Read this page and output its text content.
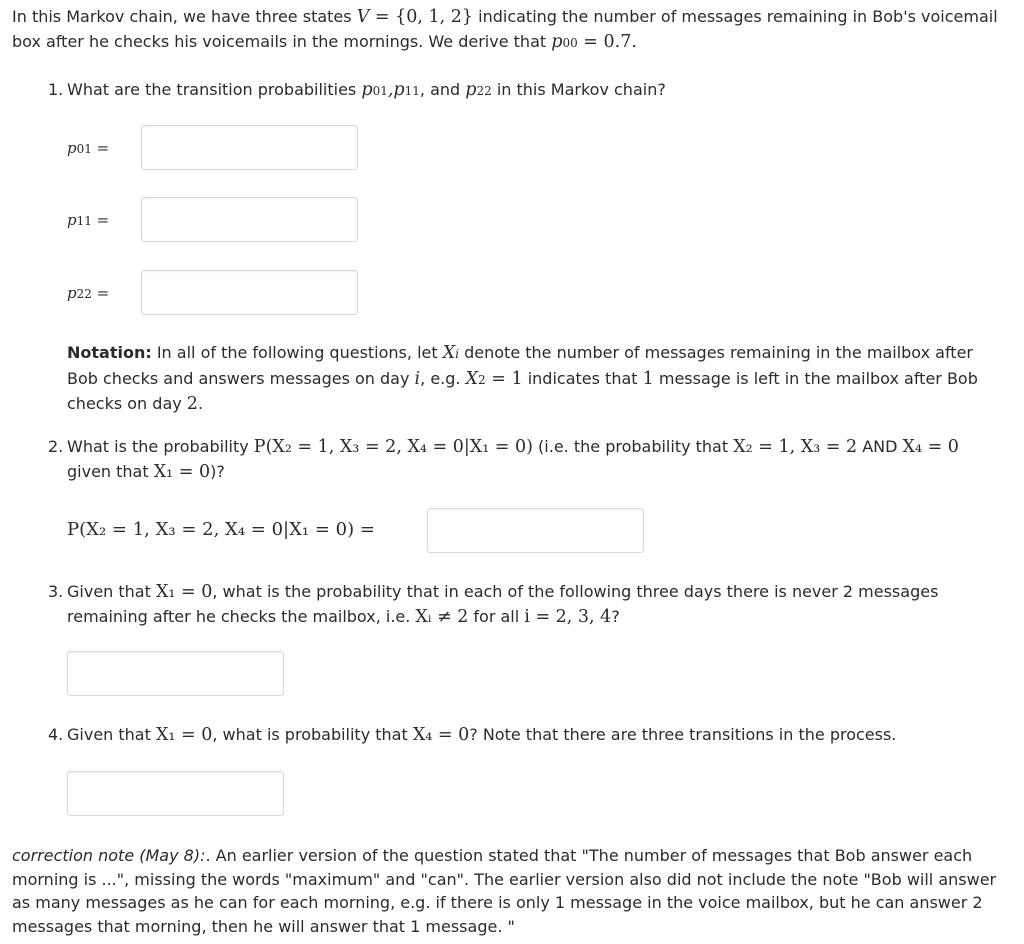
In this Markov chain, we have three states V = {0, 1, 2} indicating the number of messages remaining in Bob's voicemail box after he checks his voicemails in the mornings. We derive that p00 = 0.7.

1. What are the transition probabilities p01,p11, and p22 in this Markov chain?

p01 =
p11 =
p22 =

Notation: In all of the following questions, let Xi denote the number of messages remaining in the mailbox after Bob checks and answers messages on day i, e.g. X2 = 1 indicates that 1 message is left in the mailbox after Bob checks on day 2.

2. What is the probability P(X₂ = 1, X₃ = 2, X₄ = 0|X₁ = 0) (i.e. the probability that X₂ = 1, X₃ = 2 AND X₄ = 0 given that X₁ = 0)?

P(X₂ = 1, X₃ = 2, X₄ = 0|X₁ = 0) =

3. Given that X₁ = 0, what is the probability that in each of the following three days there is never 2 messages remaining after he checks the mailbox, i.e. Xᵢ ≠ 2 for all i = 2, 3, 4?

4. Given that X₁ = 0, what is probability that X₄ = 0? Note that there are three transitions in the process.

correction note (May 8):. An earlier version of the question stated that "The number of messages that Bob answer each morning is ...", missing the words "maximum" and "can". The earlier version also did not include the note "Bob will answer as many messages as he can for each morning, e.g. if there is only 1 message in the voice mailbox, but he can answer 2 messages that morning, then he will answer that 1 message. "
